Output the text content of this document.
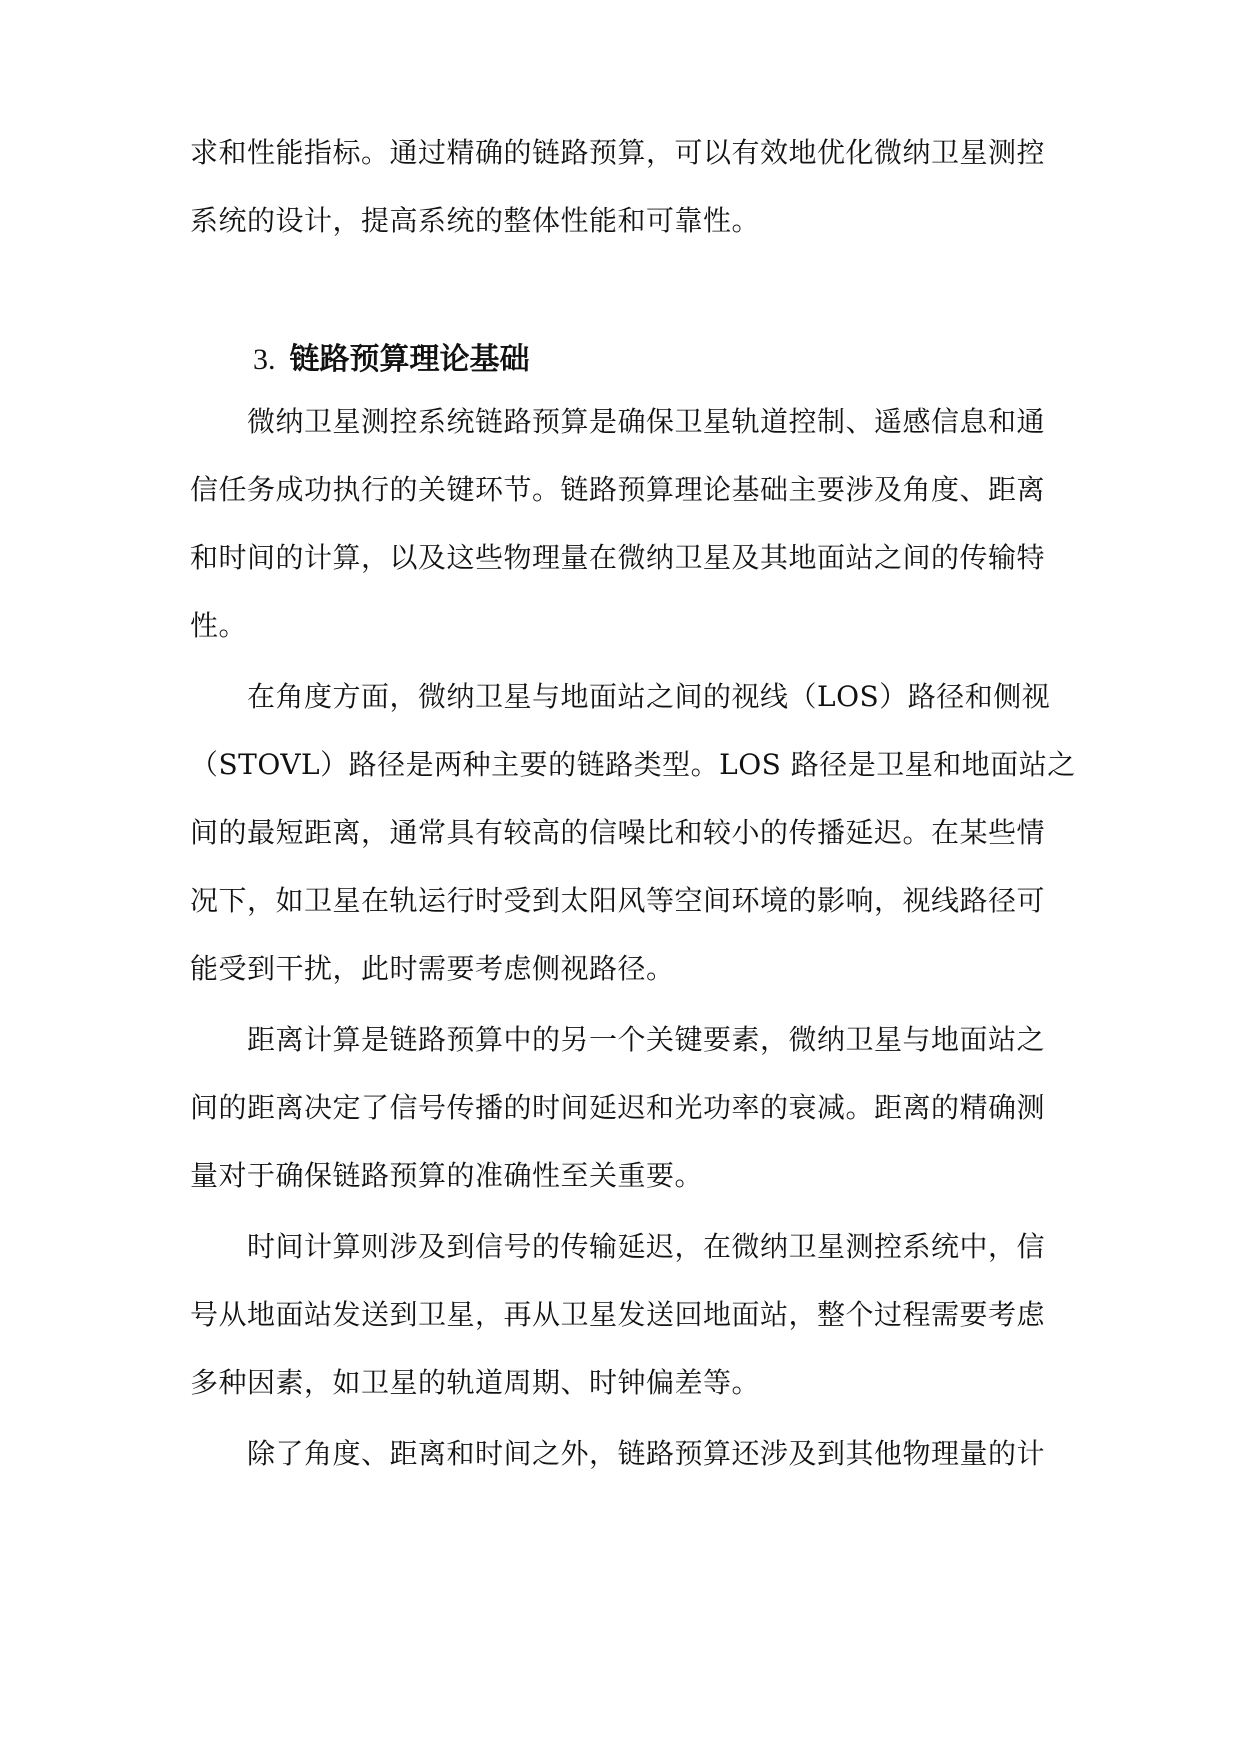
求和性能指标。通过精确的链路预算，可以有效地优化微纳卫星测控
系统的设计，提高系统的整体性能和可靠性。
3. 链路预算理论基础
微纳卫星测控系统链路预算是确保卫星轨道控制、遥感信息和通
信任务成功执行的关键环节。链路预算理论基础主要涉及角度、距离
和时间的计算，以及这些物理量在微纳卫星及其地面站之间的传输特
性。
在角度方面，微纳卫星与地面站之间的视线（LOS）路径和侧视
（STOVL）路径是两种主要的链路类型。LOS 路径是卫星和地面站之
间的最短距离，通常具有较高的信噪比和较小的传播延迟。在某些情
况下，如卫星在轨运行时受到太阳风等空间环境的影响，视线路径可
能受到干扰，此时需要考虑侧视路径。
距离计算是链路预算中的另一个关键要素，微纳卫星与地面站之
间的距离决定了信号传播的时间延迟和光功率的衰减。距离的精确测
量对于确保链路预算的准确性至关重要。
时间计算则涉及到信号的传输延迟，在微纳卫星测控系统中，信
号从地面站发送到卫星，再从卫星发送回地面站，整个过程需要考虑
多种因素，如卫星的轨道周期、时钟偏差等。
除了角度、距离和时间之外，链路预算还涉及到其他物理量的计
